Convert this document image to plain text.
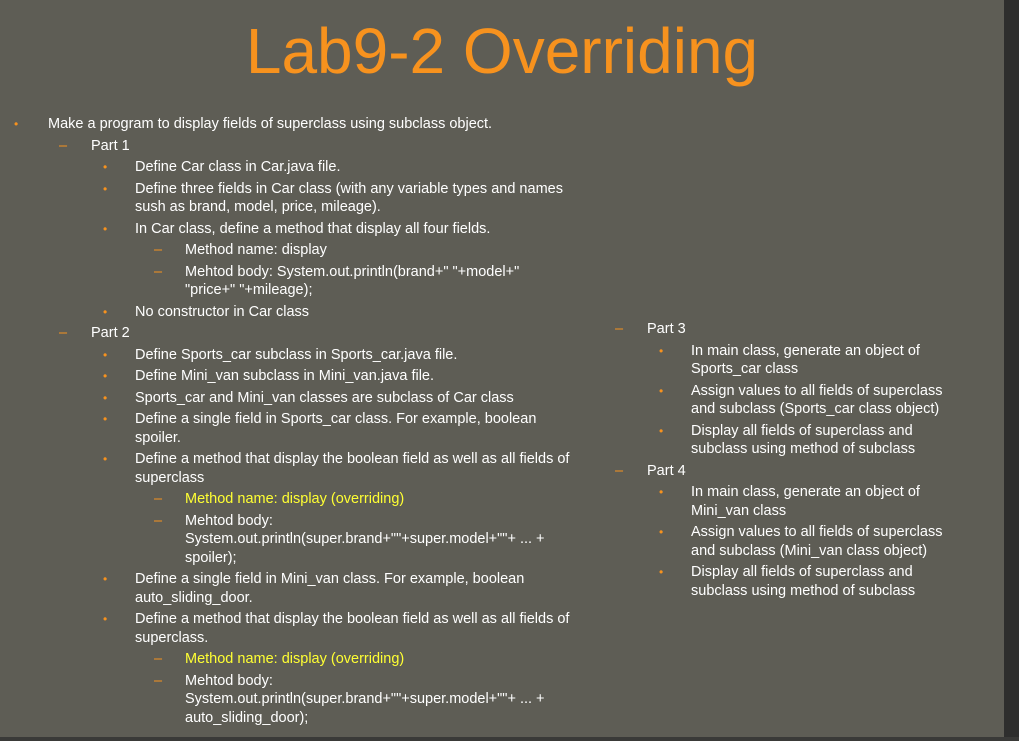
Lab9-2 Overriding
• Make a program to display fields of superclass using subclass object.
– Part 1
• Define Car class in Car.java file.
• Define three fields in Car class (with any variable types and names sush as brand, model, price, mileage).
• In Car class, define a method that display all four fields.
– Method name: display
– Mehtod body: System.out.println(brand+" "+model+" "price+" "+mileage);
• No constructor in Car class
– Part 2
• Define Sports_car subclass in Sports_car.java file.
• Define Mini_van subclass in Mini_van.java file.
• Sports_car and Mini_van classes are subclass of Car class
• Define a single field in Sports_car class. For example, boolean spoiler.
• Define a method that display the boolean field as well as all fields of superclass
– Method name: display (overriding)
– Mehtod body: System.out.println(super.brand+""+super.model+""+ ... + spoiler);
• Define a single field in Mini_van class. For example, boolean auto_sliding_door.
• Define a method that display the boolean field as well as all fields of superclass.
– Method name: display (overriding)
– Mehtod body: System.out.println(super.brand+""+super.model+""+ ... + auto_sliding_door);
– Part 3
• In main class, generate an object of Sports_car class
• Assign values to all fields of superclass and subclass (Sports_car class object)
• Display all fields of superclass and subclass using method of subclass
– Part 4
• In main class, generate an object of Mini_van class
• Assign values to all fields of superclass and subclass (Mini_van class object)
• Display all fields of superclass and subclass using method of subclass
